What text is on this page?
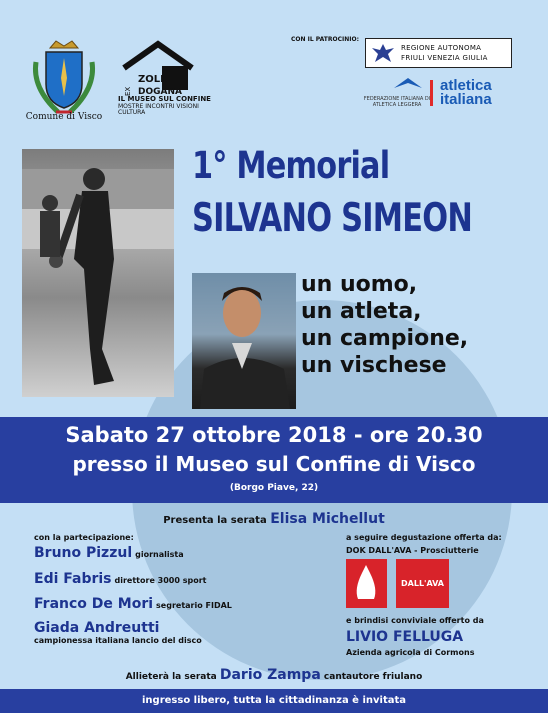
Comune di Visco
EX
ZOLL
DOGANA
IL MUSEO SUL CONFINE
MOSTRE INCONTRI VISIONI CULTURA
CON IL PATROCINIO:
REGIONE AUTONOMA
FRIULI VENEZIA GIULIA
FEDERAZIONE ITALIANA DI ATLETICA LEGGERA
atletica
italiana
1° Memorial
SILVANO SIMEON
un uomo,
un atleta,
un campione,
un vischese
Sabato 27 ottobre 2018 - ore 20.30
presso il Museo sul Confine di Visco
(Borgo Piave, 22)
Presenta la serata Elisa Michellut
con la partecipazione:
Bruno Pizzul giornalista
Edi Fabris direttore 3000 sport
Franco De Mori segretario FIDAL
Giada Andreutti
campionessa italiana lancio del disco
a seguire degustazione offerta da:
DOK DALL'AVA - Prosciutterie
DALL'AVA
e brindisi conviviale offerto da
LIVIO FELLUGA
Azienda agricola di Cormons
Allieterà la serata Dario Zampa cantautore friulano
ingresso libero, tutta la cittadinanza è invitata
